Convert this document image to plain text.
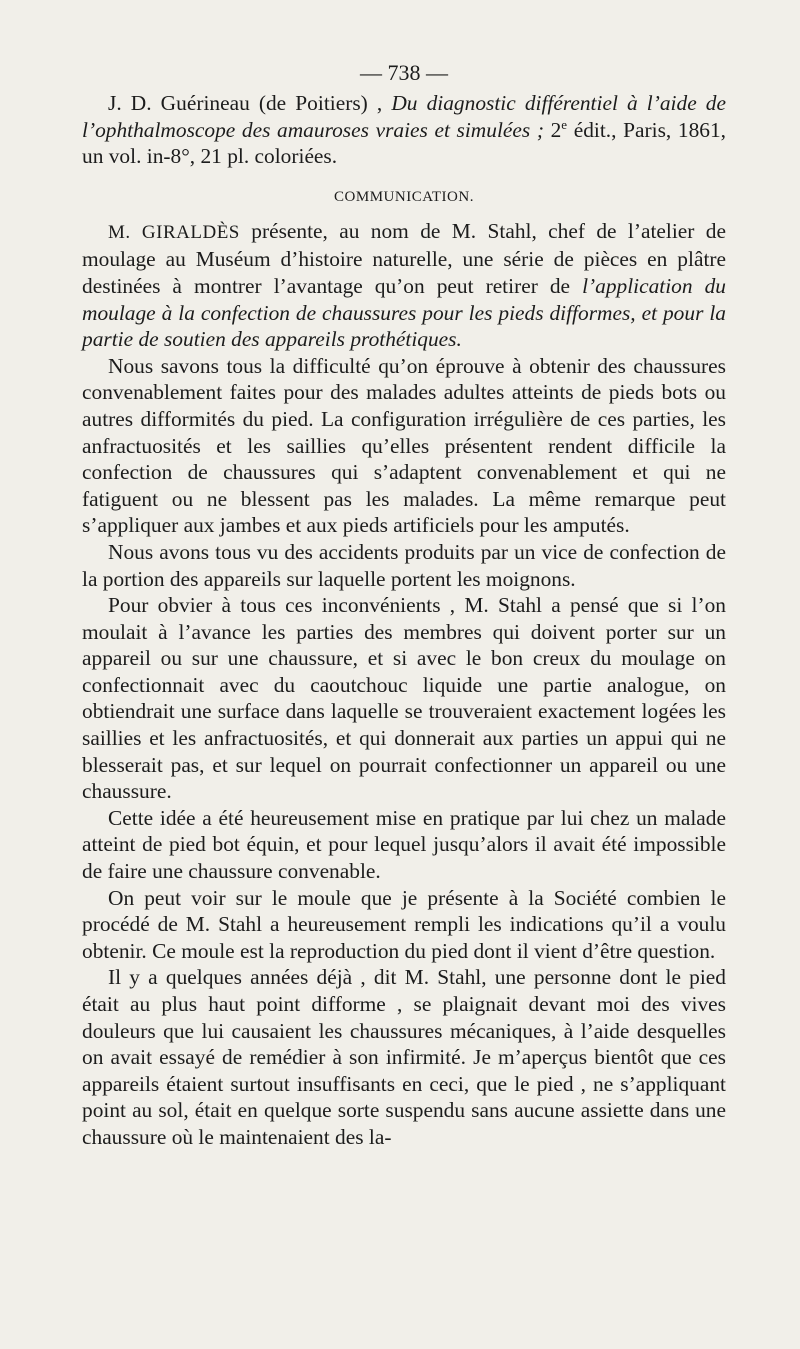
— 738 —

J. D. Guérineau (de Poitiers) , Du diagnostic différentiel à l’aide de l’ophthalmoscope des amauroses vraies et simulées ; 2e édit., Paris, 1861, un vol. in-8°, 21 pl. coloriées.

COMMUNICATION.

M. GIRALDÈS présente, au nom de M. Stahl, chef de l’atelier de moulage au Muséum d’histoire naturelle, une série de pièces en plâtre destinées à montrer l’avantage qu’on peut retirer de l’application du moulage à la confection de chaussures pour les pieds difformes, et pour la partie de soutien des appareils prothétiques.

Nous savons tous la difficulté qu’on éprouve à obtenir des chaussures convenablement faites pour des malades adultes atteints de pieds bots ou autres difformités du pied. La configuration irrégulière de ces parties, les anfractuosités et les saillies qu’elles présentent rendent difficile la confection de chaussures qui s’adaptent convenablement et qui ne fatiguent ou ne blessent pas les malades. La même remarque peut s’appliquer aux jambes et aux pieds artificiels pour les amputés.

Nous avons tous vu des accidents produits par un vice de confection de la portion des appareils sur laquelle portent les moignons.

Pour obvier à tous ces inconvénients , M. Stahl a pensé que si l’on moulait à l’avance les parties des membres qui doivent porter sur un appareil ou sur une chaussure, et si avec le bon creux du moulage on confectionnait avec du caoutchouc liquide une partie analogue, on obtiendrait une surface dans laquelle se trouveraient exactement logées les saillies et les anfractuosités, et qui donnerait aux parties un appui qui ne blesserait pas, et sur lequel on pourrait confectionner un appareil ou une chaussure.

Cette idée a été heureusement mise en pratique par lui chez un malade atteint de pied bot équin, et pour lequel jusqu’alors il avait été impossible de faire une chaussure convenable.

On peut voir sur le moule que je présente à la Société combien le procédé de M. Stahl a heureusement rempli les indications qu’il a voulu obtenir. Ce moule est la reproduction du pied dont il vient d’être question.

Il y a quelques années déjà , dit M. Stahl, une personne dont le pied était au plus haut point difforme , se plaignait devant moi des vives douleurs que lui causaient les chaussures mécaniques, à l’aide desquelles on avait essayé de remédier à son infirmité. Je m’aperçus bientôt que ces appareils étaient surtout insuffisants en ceci, que le pied , ne s’appliquant point au sol, était en quelque sorte suspendu sans aucune assiette dans une chaussure où le maintenaient des la-
